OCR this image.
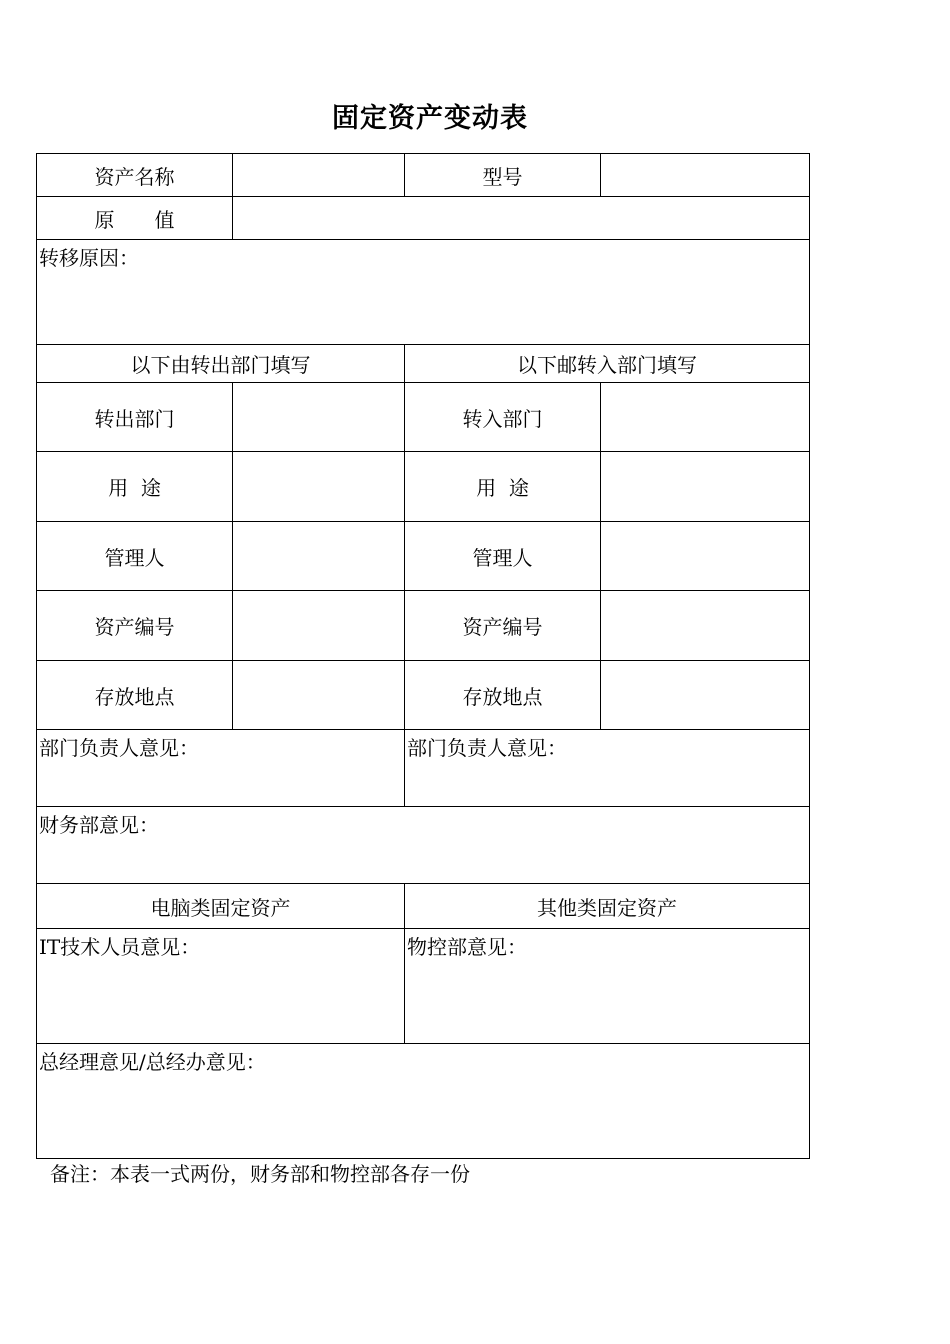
固定资产变动表
资产名称		型号	
原　　值			
转移原因：			
以下由转出部门填写		以下邮转入部门填写	
转出部门		转入部门	
用  途		用  途	
管理人		管理人	
资产编号		资产编号	
存放地点		存放地点	
部门负责人意见：		部门负责人意见：	
财务部意见：			
电脑类固定资产		其他类固定资产	
IT技术人员意见：		物控部意见：	
总经理意见/总经办意见：			
备注：本表一式两份，财务部和物控部各存一份
